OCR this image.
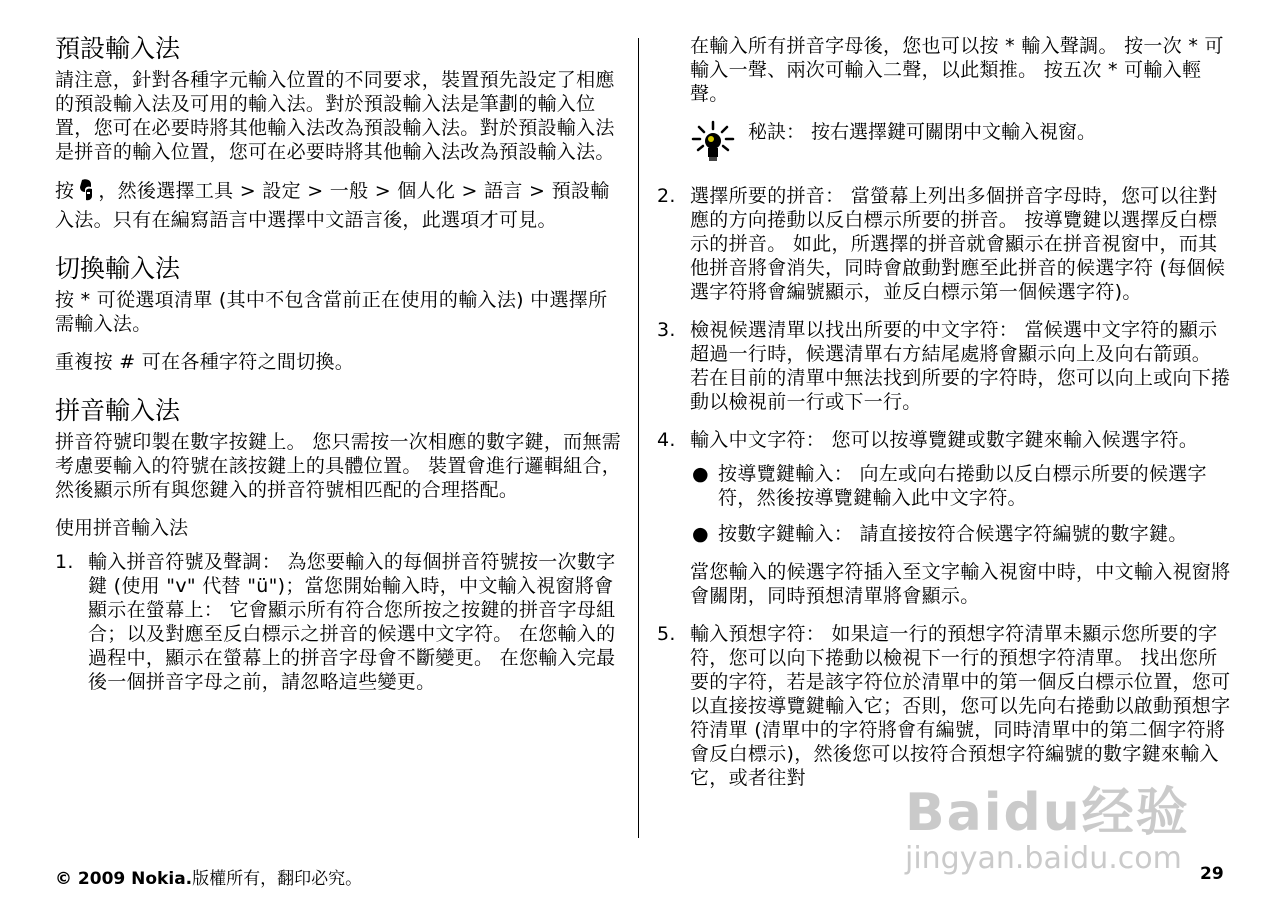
預設輸入法

請注意，針對各種字元輸入位置的不同要求，裝置預先設定了相應的預設輸入法及可用的輸入法。對於預設輸入法是筆劃的輸入位置，您可在必要時將其他輸入法改為預設輸入法。對於預設輸入法是拼音的輸入位置，您可在必要時將其他輸入法改為預設輸入法。

按 ，然後選擇工具 > 設定 > 一般 > 個人化 > 語言 > 預設輸入法。只有在編寫語言中選擇中文語言後，此選項才可見。

切換輸入法

按 * 可從選項清單 (其中不包含當前正在使用的輸入法) 中選擇所需輸入法。

重複按 # 可在各種字符之間切換。

拼音輸入法

拼音符號印製在數字按鍵上。 您只需按一次相應的數字鍵，而無需考慮要輸入的符號在該按鍵上的具體位置。 裝置會進行邏輯組合，然後顯示所有與您鍵入的拼音符號相匹配的合理搭配。

使用拼音輸入法
1. 輸入拼音符號及聲調： 為您要輸入的每個拼音符號按一次數字鍵 (使用 "v" 代替 "ü")；當您開始輸入時，中文輸入視窗將會顯示在螢幕上： 它會顯示所有符合您所按之按鍵的拼音字母組合；以及對應至反白標示之拼音的候選中文字符。 在您輸入的過程中，顯示在螢幕上的拼音字母會不斷變更。 在您輸入完最後一個拼音字母之前，請忽略這些變更。

在輸入所有拼音字母後，您也可以按 * 輸入聲調。 按一次 * 可輸入一聲、兩次可輸入二聲，以此類推。 按五次 * 可輸入輕聲。

秘訣： 按右選擇鍵可關閉中文輸入視窗。
2. 選擇所要的拼音： 當螢幕上列出多個拼音字母時，您可以往對應的方向捲動以反白標示所要的拼音。 按導覽鍵以選擇反白標示的拼音。 如此，所選擇的拼音就會顯示在拼音視窗中，而其他拼音將會消失，同時會啟動對應至此拼音的候選字符 (每個候選字符將會編號顯示，並反白標示第一個候選字符)。
3. 檢視候選清單以找出所要的中文字符： 當候選中文字符的顯示超過一行時，候選清單右方結尾處將會顯示向上及向右箭頭。 若在目前的清單中無法找到所要的字符時，您可以向上或向下捲動以檢視前一行或下一行。
4. 輸入中文字符： 您可以按導覽鍵或數字鍵來輸入候選字符。
● 按導覽鍵輸入： 向左或向右捲動以反白標示所要的候選字符，然後按導覽鍵輸入此中文字符。
● 按數字鍵輸入： 請直接按符合候選字符編號的數字鍵。
當您輸入的候選字符插入至文字輸入視窗中時，中文輸入視窗將會關閉，同時預想清單將會顯示。
5. 輸入預想字符： 如果這一行的預想字符清單未顯示您所要的字符，您可以向下捲動以檢視下一行的預想字符清單。 找出您所要的字符，若是該字符位於清單中的第一個反白標示位置，您可以直接按導覽鍵輸入它；否則，您可以先向右捲動以啟動預想字符清單 (清單中的字符將會有編號，同時清單中的第二個字符將會反白標示)，然後您可以按符合預想字符編號的數字鍵來輸入它，或者往對
© 2009 Nokia.版權所有，翻印必究。	29
Baidu经验
jingyan.baidu.com
